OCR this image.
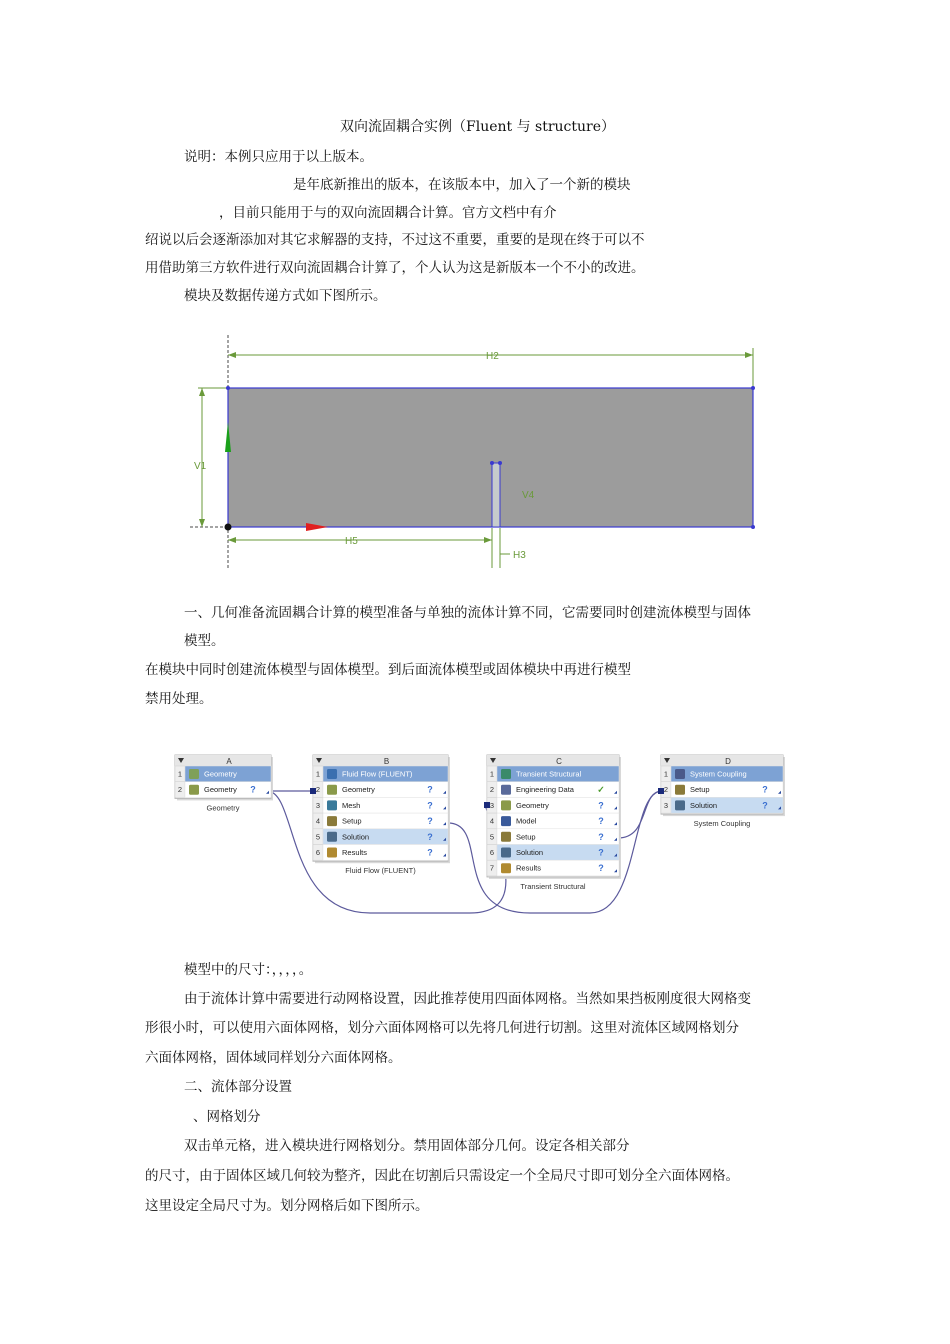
双向流固耦合实例（Fluent 与 structure）
说明：本例只应用于以上版本。
是年底新推出的版本，在该版本中，加入了一个新的模块
，目前只能用于与的双向流固耦合计算。官方文档中有介
绍说以后会逐渐添加对其它求解器的支持，不过这不重要，重要的是现在终于可以不
用借助第三方软件进行双向流固耦合计算了，个人认为这是新版本一个不小的改进。
模块及数据传递方式如下图所示。
H2
V1
V4
H5
H3
一、几何准备流固耦合计算的模型准备与单独的流体计算不同，它需要同时创建流体模型与固体
模型。
在模块中同时创建流体模型与固体模型。到后面流体模型或固体模块中再进行模型
禁用处理。
A
1	Geometry
2	Geometry ?
Geometry
B
1	Fluid Flow (FLUENT)
2	Geometry	?
3	Mesh	?
4	Setup	?
5	Solution	?
6	Results	?
Fluid Flow (FLUENT)
C
1	Transient Structural
2	Engineering Data	✓
3	Geometry	?
4	Model	?
5	Setup	?
6	Solution	?
7	Results	?
Transient Structural
D
1	System Coupling
2	Setup	?
3	Solution	?
System Coupling
模型中的尺寸：，，，，。
由于流体计算中需要进行动网格设置，因此推荐使用四面体网格。当然如果挡板刚度很大网格变
形很小时，可以使用六面体网格，划分六面体网格可以先将几何进行切割。这里对流体区域网格划分
六面体网格，固体域同样划分六面体网格。
二、流体部分设置
、网格划分
双击单元格，进入模块进行网格划分。禁用固体部分几何。设定各相关部分
的尺寸，由于固体区域几何较为整齐，因此在切割后只需设定一个全局尺寸即可划分全六面体网格。
这里设定全局尺寸为。划分网格后如下图所示。
